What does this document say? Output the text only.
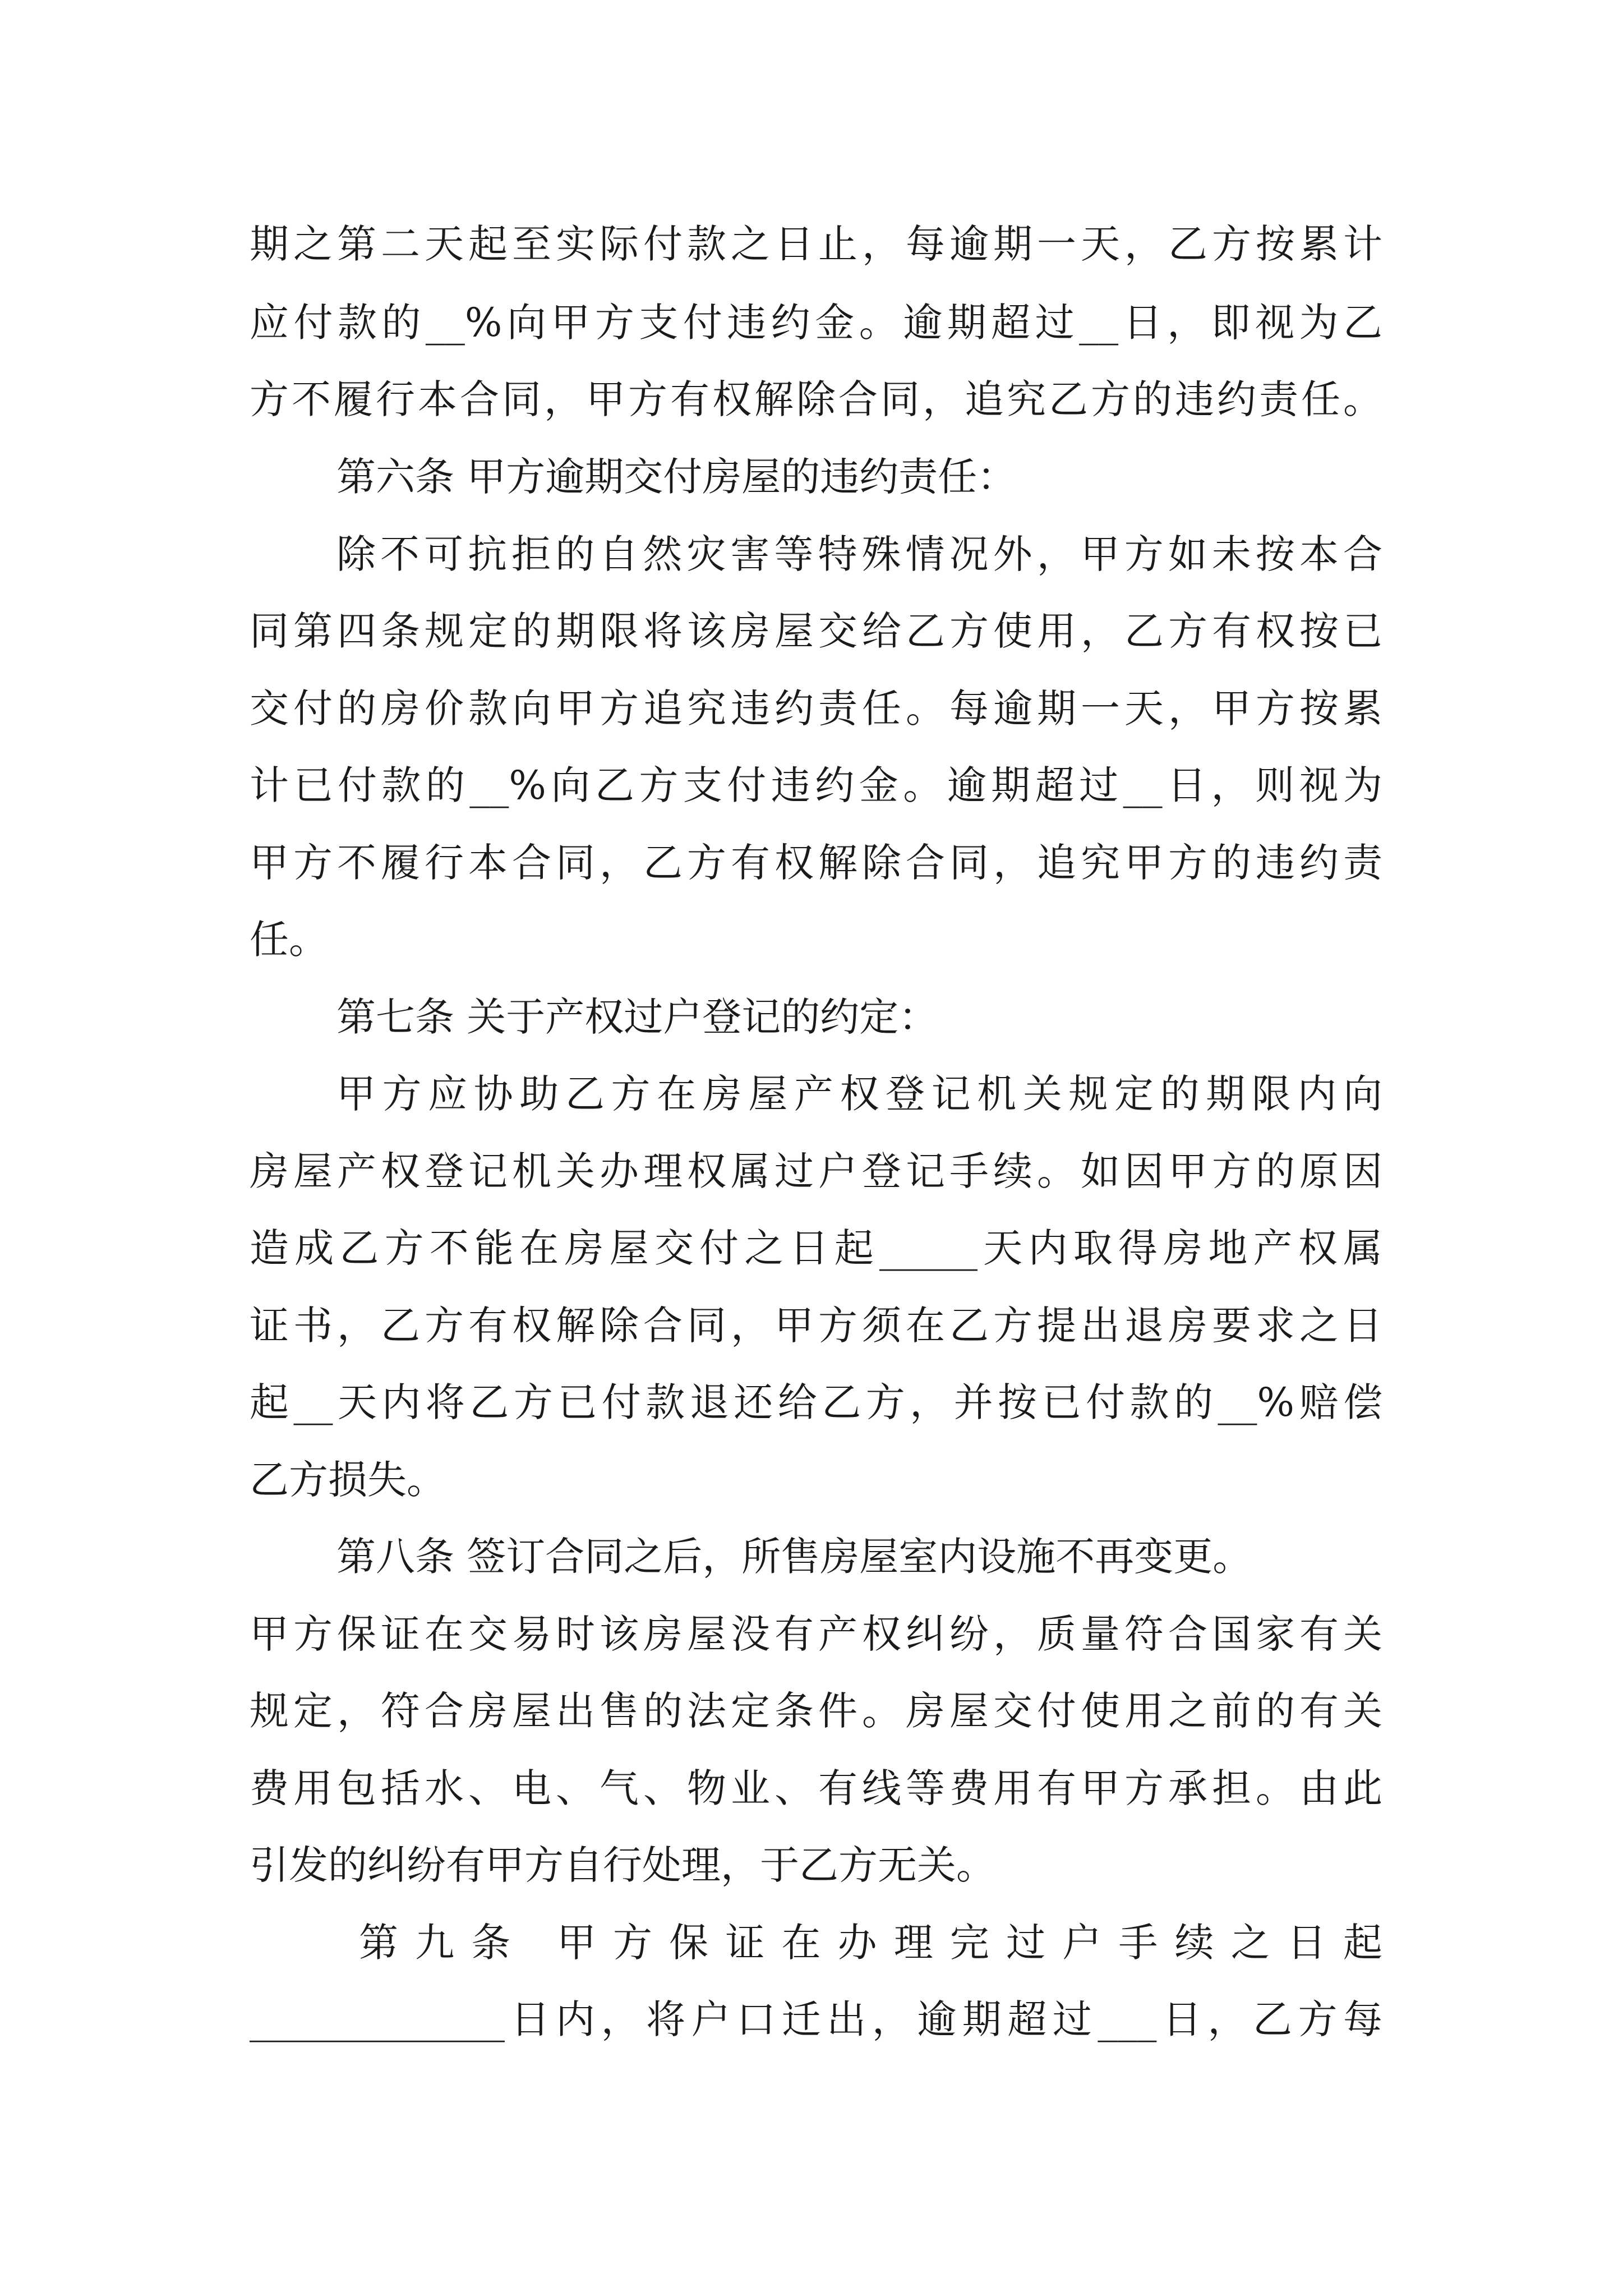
期之第二天起至实际付款之日止，每逾期一天，乙方按累计
应付款的__%向甲方支付违约金。逾期超过__日，即视为乙
方不履行本合同，甲方有权解除合同，追究乙方的违约责任。
第六条 甲方逾期交付房屋的违约责任：
除不可抗拒的自然灾害等特殊情况外，甲方如未按本合
同第四条规定的期限将该房屋交给乙方使用，乙方有权按已
交付的房价款向甲方追究违约责任。每逾期一天，甲方按累
计已付款的__%向乙方支付违约金。逾期超过__日，则视为
甲方不履行本合同，乙方有权解除合同，追究甲方的违约责
任。
第七条 关于产权过户登记的约定：
甲方应协助乙方在房屋产权登记机关规定的期限内向
房屋产权登记机关办理权属过户登记手续。如因甲方的原因
造成乙方不能在房屋交付之日起_____天内取得房地产权属
证书，乙方有权解除合同，甲方须在乙方提出退房要求之日
起__天内将乙方已付款退还给乙方，并按已付款的__%赔偿
乙方损失。
第八条 签订合同之后，所售房屋室内设施不再变更。
甲方保证在交易时该房屋没有产权纠纷，质量符合国家有关
规定，符合房屋出售的法定条件。房屋交付使用之前的有关
费用包括水、电、气、物业、有线等费用有甲方承担。由此
引发的纠纷有甲方自行处理，于乙方无关。
第九条 甲方保证在办理完过户手续之日起
_____________日内，将户口迁出，逾期超过___日，乙方每
